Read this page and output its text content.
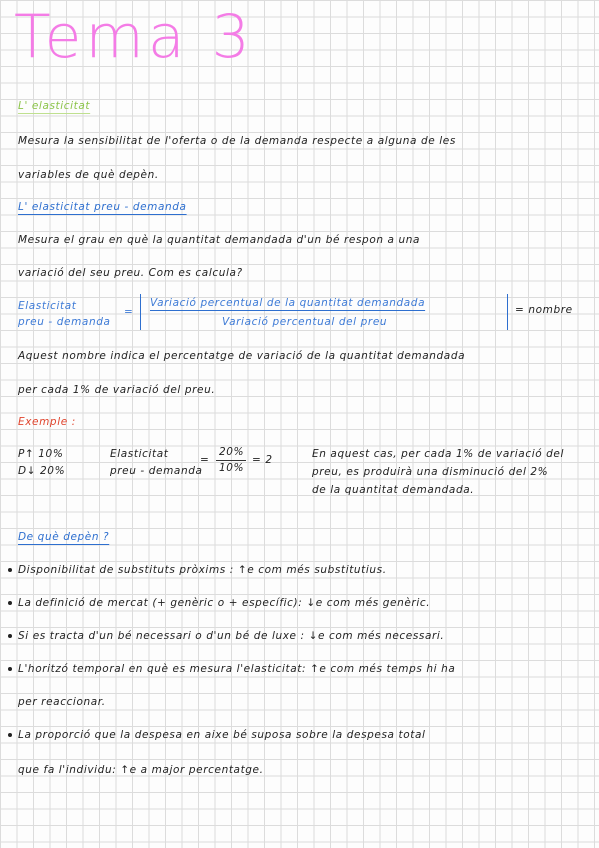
Tema 3
L' elasticitat
Mesura la sensibilitat de l'oferta o de la demanda respecte a alguna de les
variables de què depèn.
L' elasticitat preu - demanda
Mesura el grau en què la quantitat demandada d'un bé respon a una
variació del seu preu. Com es calcula?
Elasticitat
preu - demanda
=
Variació percentual de la quantitat demandada
Variació percentual del preu
= nombre
Aquest nombre indica el percentatge de variació de la quantitat demandada
per cada 1% de variació del preu.
Exemple :
P↑ 10%
D↓ 20%
Elasticitat
preu - demanda
=
20%
10%
= 2	En aquest cas, per cada 1% de variació del
preu, es produirà una disminució del 2%
de la quantitat demandada.
De què depèn ?
Disponibilitat de substituts pròxims : ↑e com més substitutius.
La definició de mercat (+ genèric o + específic): ↓e com més genèric.
Si es tracta d'un bé necessari o d'un bé de luxe : ↓e com més necessari.
L'horitzó temporal en què es mesura l'elasticitat: ↑e com més temps hi ha
per reaccionar.
La proporció que la despesa en aixe bé suposa sobre la despesa total
que fa l'individu: ↑e a major percentatge.
